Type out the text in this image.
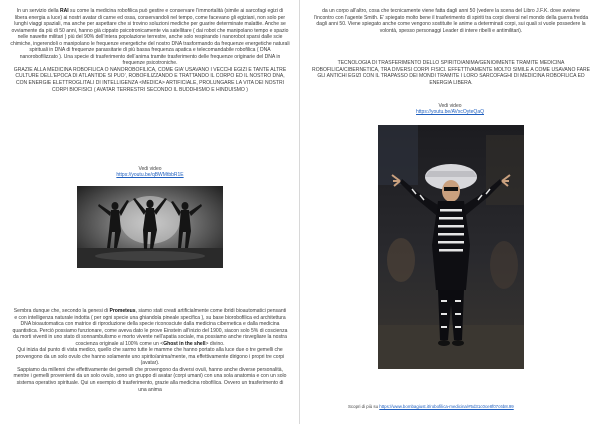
In un servizio della RAI su come la medicina robofilica può gestire e conservare l’immortalità (simile ai sarcofagi egizi di libera energia a luce) ai nostri avatar di carne ed ossa, conservandoli nel tempo, come facevano gli egiziani, non solo per lunghi viaggi spaziali, ma anche per aspettare che si trovino soluzioni mediche per guarire determinate malattie. Anche se ovviamente da più di 50 anni, hanno già cippato psicotronicamente via satellitare ( dai robot che manipolano tempo e spazio nelle nawette militari ) più del 90% dell’intera popolazione terrestre, anche solo respirando i nanorobot sparsi dalle scie chimiche, ingerendoli o manipolano le frequenze energetiche del nostro DNA trasformando da frequenze energetiche naturali spirituali in DNA di frequenze parassitarie di più bassa frequenza apatica e telecomandabile robofilica ( DNA nanorobofilizzato ). Una specie di trasferimento dell’anima tramite trasferimento delle frequenze originarie del DNA in frequenze psicotroniche.
GRAZIE ALLA MEDICINA ROBOFILICA O NANOROBOFILICA, COME GIA’ USAVANO I VECCHI EGIZI E TANTE ALTRE CULTURE DELL’EPOCA DI ATLANTIDE SI PUO’, ROBOFILIZZANDO E TRATTANDO IL CORPO ED IL NOSTRO DNA, CON ENERGIE ELETTROGLITALI DI INTELLIGENZA <MEDICA> ARTIFICIALE, PROLUNGARE LA VITA DEI NOSTRI CORPI BIOFISICI ( AVATAR TERRESTRI SECONDO IL BUDDHISMO E HINDUISMO )

Vedi video
https://youtu.be/qBWMtbbR1E

Sembra dunque che, secondo la genesi di Prometeus, siamo stati creati artificialmente come ibridi bioautomatici pensanti e con intelligenza naturale indotta ( per ogni specie una ghiandola pineale specifica ), su base biorobofilica ed architettura DNA bioautomatica con matrice di riproduzione della specie riconosciute dalla medicina cibernetica e dalla medicina quantistica. Perciò possiamo funzionare, come aveva dato le prove Einstein all’inizio del 1900, siacon solo 5% di coscienza da morti viventi in uno stato di sonnambulismo e morto vivente nell’apatia sociale, ma possiamo anche risvegliare la nostra coscienza originale al 100% come un <Ghost in the shell> divino.
Qui inizia dal punto di vista medico, quello che sarmo tutte le mamme che hanno portato alla luce due o tre gemelli che provengono da un solo ovulo che hanno solamente uno spirito/anima/mente, ma effettivamente dirigono i propri tre corpi (avatar).
Sappiamo da millenni che effettivamente dei gemelli che provengono da diversi ovuli, hanno anche diverse personalità, mentre i gemelli provenienti da un solo ovulo, sono un gruppo di avatar (corpi umani) con una sola anatomia e con un solo sistema operativo spirituale. Qui un esempio di trasferimento, grazie alla medicina robofilica. Ovvero un trasferimento di una anima

da un corpo all’altro, cosa che tecnicamente viene fatta dagli anni 50 (vedere la scena del Libro J.F.K. dove avviene l’incontro con l’agente Smith. E’ spiegato molto bene il trasferimento di spiriti tra corpi diversi nel mondo della guerra fredda dagli anni 50. Viene spiegato anche come vengono sostituite le anime a determinati corpi, sui quali si vuole possedere la volontà, spesso personaggi Leader di intere ribelli e antimilitari).

TECNOLOGIA DI TRASFERIMENTO DELLO SPIRITO/ANIMA/GENIO/MENTE TRAMITE MEDICINA ROBOFILICA/CIBERNETICA, TRA DIVERSI CORPI FISICI. EFFETTIVAMENTE MOLTO SIMILE A COME USAVANO FARE GLI ANTICHI EGIZI CON IL TRAPASSO DEI MONDI TRAMITE I LORO SARCOFAGHI DI MEDICINA ROBOFILICA ED ENERGIA LIBERA.

Vedi video
https://youtu.be/AVxcOyteQaQ
Scopri di più su https://www.bombagiust.it/robofilica-medicina/#5d31c0ce8f07c6b8.99
